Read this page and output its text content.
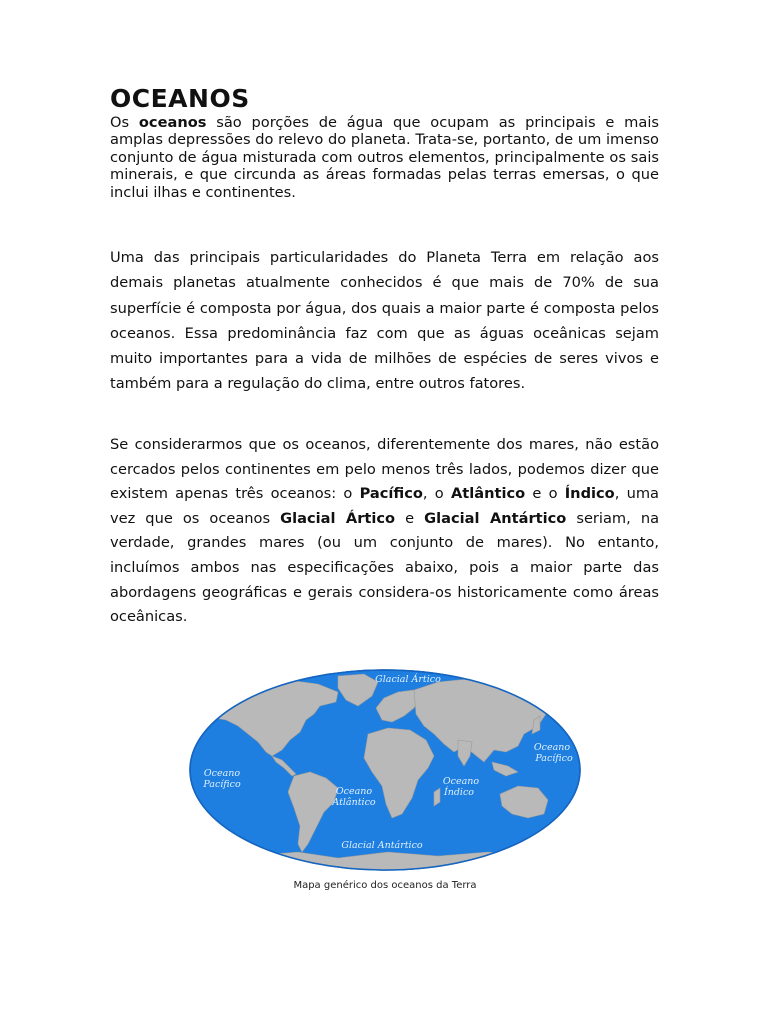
OCEANOS

Os oceanos são porções de água que ocupam as principais e mais amplas depressões do relevo do planeta. Trata-se, portanto, de um imenso conjunto de água misturada com outros elementos, principalmente os sais minerais, e que circunda as áreas formadas pelas terras emersas, o que inclui ilhas e continentes.

Uma das principais particularidades do Planeta Terra em relação aos demais planetas atualmente conhecidos é que mais de 70% de sua superfície é composta por água, dos quais a maior parte é composta pelos oceanos. Essa predominância faz com que as águas oceânicas sejam muito importantes para a vida de milhões de espécies de seres vivos e também para a regulação do clima, entre outros fatores.

Se considerarmos que os oceanos, diferentemente dos mares, não estão cercados pelos continentes em pelo menos três lados, podemos dizer que existem apenas três oceanos: o Pacífico, o Atlântico e o Índico, uma vez que os oceanos Glacial Ártico e Glacial Antártico seriam, na verdade, grandes mares (ou um conjunto de mares). No entanto, incluímos ambos nas especificações abaixo, pois a maior parte das abordagens geográficas e gerais considera-os historicamente como áreas oceânicas.

Glacial Ártico
Oceano
Pacífico
Oceano
Atlântico
Oceano
Índico
Oceano
Pacífico
Glacial Antártico

Mapa genérico dos oceanos da Terra
